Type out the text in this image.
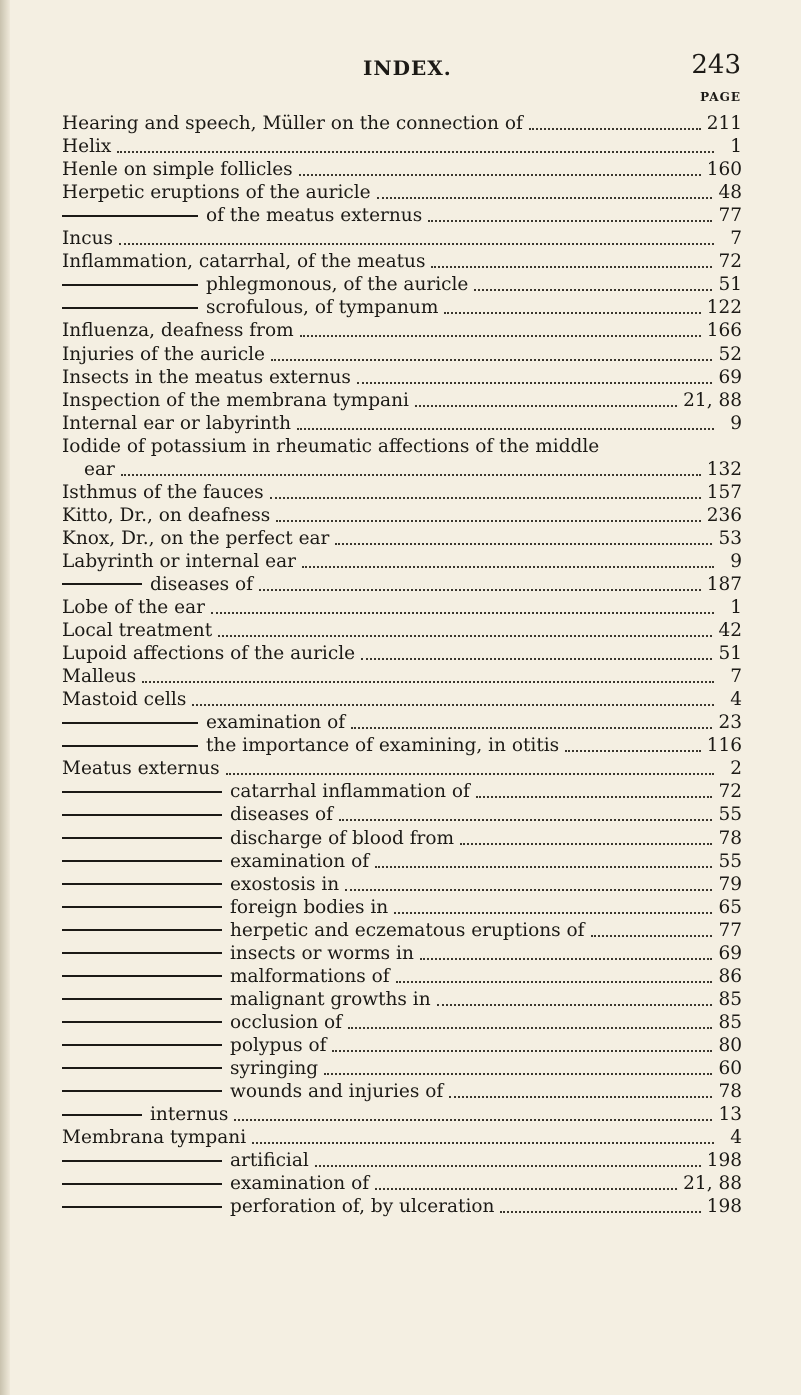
INDEX.	243
PAGE
Hearing and speech, Müller on the connection of	211
Helix	1
Henle on simple follicles	160
Herpetic eruptions of the auricle	48
of the meatus externus	77
Incus	7
Inflammation, catarrhal, of the meatus	72
phlegmonous, of the auricle	51
scrofulous, of tympanum	122
Influenza, deafness from	166
Injuries of the auricle	52
Insects in the meatus externus	69
Inspection of the membrana tympani	21, 88
Internal ear or labyrinth	9
Iodide of potassium in rheumatic affections of the middle
ear	132
Isthmus of the fauces	157
Kitto, Dr., on deafness	236
Knox, Dr., on the perfect ear	53
Labyrinth or internal ear	9
diseases of	187
Lobe of the ear	1
Local treatment	42
Lupoid affections of the auricle	51
Malleus	7
Mastoid cells	4
examination of	23
the importance of examining, in otitis	116
Meatus externus	2
catarrhal inflammation of	72
diseases of	55
discharge of blood from	78
examination of	55
exostosis in	79
foreign bodies in	65
herpetic and eczematous eruptions of	77
insects or worms in	69
malformations of	86
malignant growths in	85
occlusion of	85
polypus of	80
syringing	60
wounds and injuries of	78
internus	13
Membrana tympani	4
artificial	198
examination of	21, 88
perforation of, by ulceration	198
